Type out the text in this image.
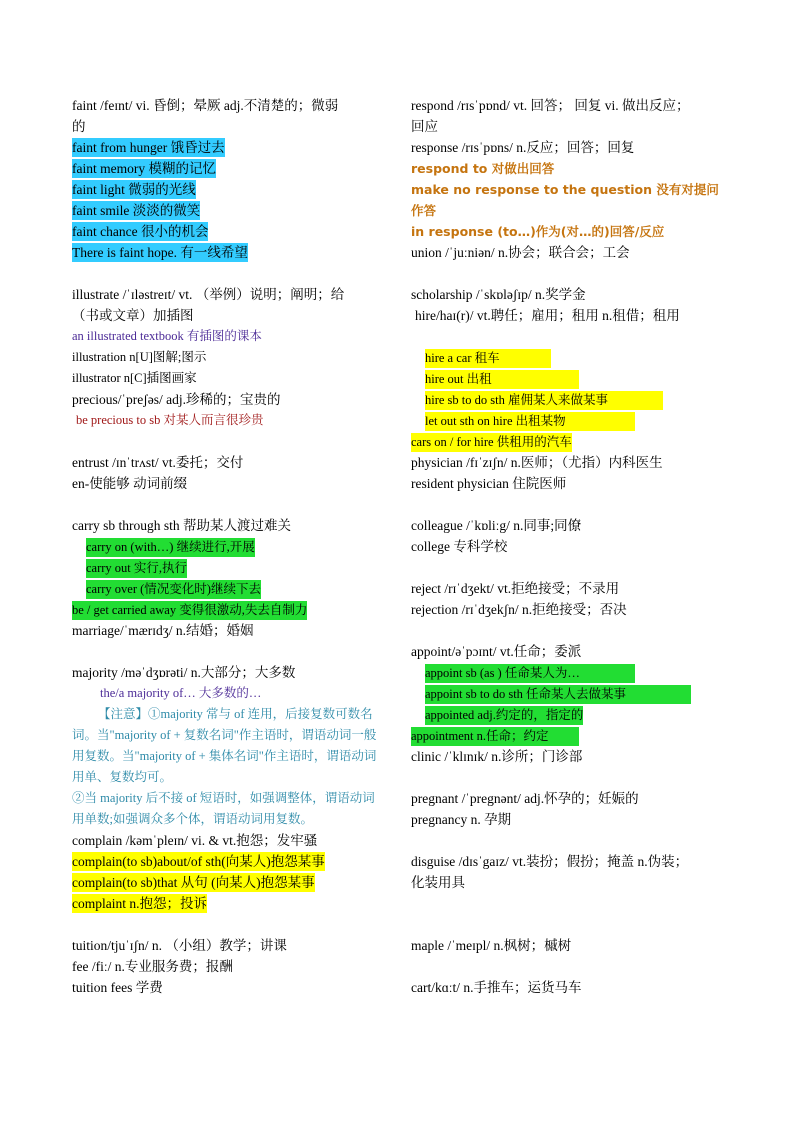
faint /feɪnt/ vi. 昏倒；晕厥 adj.不清楚的；微弱
的
faint from hunger 饿昏过去
faint memory 模糊的记忆
faint light 微弱的光线
faint smile 淡淡的微笑
faint chance 很小的机会
There is faint hope. 有一线希望
illustrate /ˈɪləstreɪt/ vt. （举例）说明；阐明；给
（书或文章）加插图
an illustrated textbook 有插图的课本
illustration n[U]图解;图示
illustrator n[C]插图画家
precious/ˈpreʃəs/ adj.珍稀的；宝贵的
be precious to sb 对某人而言很珍贵
entrust /ɪnˈtrʌst/ vt.委托；交付
en-使能够 动词前缀
carry sb through sth 帮助某人渡过难关
carry on (with…) 继续进行,开展
carry out 实行,执行
carry over (情况变化时)继续下去
be / get carried away 变得很激动,失去自制力
marriage/ˈmærɪdʒ/ n.结婚；婚姻
majority /məˈdʒɒrəti/ n.大部分；大多数
the/a majority of… 大多数的…
【注意】①majority 常与 of 连用，后接复数可数名词。当"majority of + 复数名词"作主语时，谓语动词一般用复数。当"majority of + 集体名词"作主语时，谓语动词用单、复数均可。
②当 majority 后不接 of 短语时，如强调整体，谓语动词用单数;如强调众多个体，谓语动词用复数。
complain /kəmˈpleɪn/ vi. & vt.抱怨；发牢骚
complain(to sb)about/of sth(向某人)抱怨某事
complain(to sb)that 从句 (向某人)抱怨某事
complaint n.抱怨；投诉
tuition/tjuˈɪʃn/ n. （小组）教学；讲课
fee /fiː/ n.专业服务费；报酬
tuition fees 学费
respond /rɪsˈpɒnd/ vt. 回答； 回复 vi. 做出反应；
回应
response /rɪsˈpɒns/ n.反应；回答；回复
respond to 对做出回答
make no response to the question 没有对提问
作答
in response (to…)作为(对…的)回答/反应
union /ˈjuːniən/ n.协会；联合会；工会
scholarship /ˈskɒləʃɪp/ n.奖学金
hire/haɪ(r)/ vt.聘任；雇用；租用 n.租借；租用
hire a car 租车
hire out 出租
hire sb to do sth 雇佣某人来做某事
let out sth on hire 出租某物
cars on / for hire 供租用的汽车
physician /fɪˈzɪʃn/ n.医师；（尤指）内科医生
resident physician 住院医师
colleague /ˈkɒliːg/ n.同事;同僚
college 专科学校
reject /rɪˈdʒekt/ vt.拒绝接受；不录用
rejection /rɪˈdʒekʃn/ n.拒绝接受；否决
appoint/əˈpɔɪnt/ vt.任命；委派
appoint sb (as ) 任命某人为…
appoint sb to do sth 任命某人去做某事
appointed adj.约定的，指定的
appointment n.任命；约定
clinic /ˈklɪnɪk/ n.诊所；门诊部
pregnant /ˈpregnənt/ adj.怀孕的；妊娠的
pregnancy n. 孕期
disguise /dɪsˈgaɪz/ vt.装扮；假扮；掩盖 n.伪装；
化装用具
maple /ˈmeɪpl/ n.枫树；槭树
cart/kɑːt/ n.手推车；运货马车
